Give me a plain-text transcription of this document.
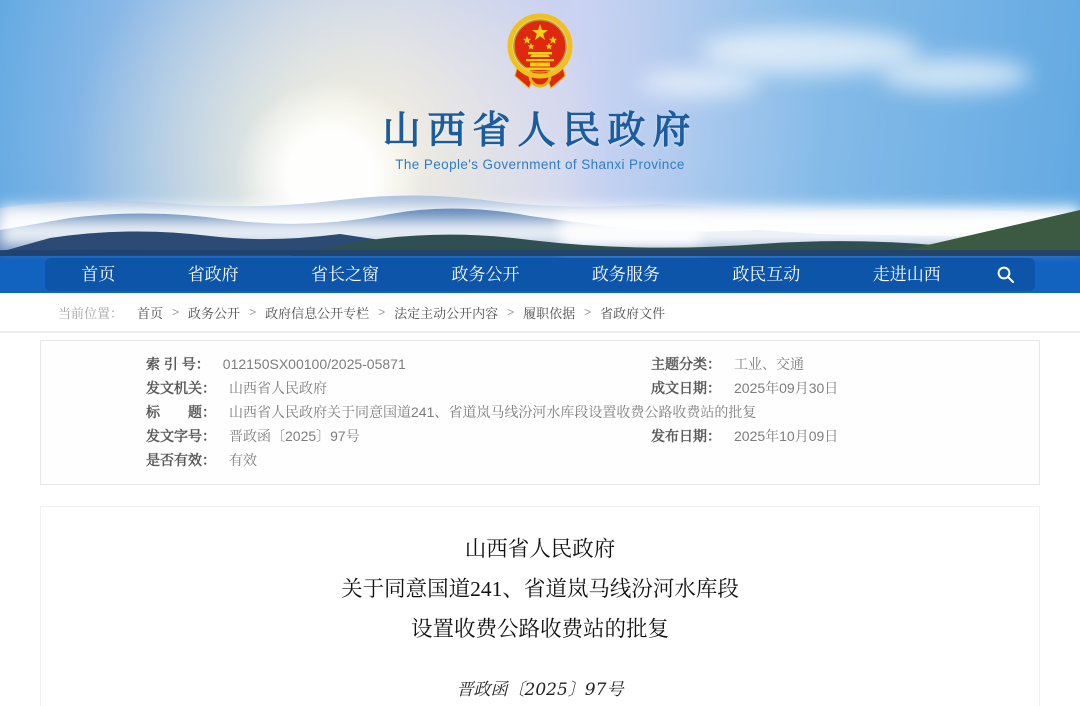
山西省人民政府
The People's Government of Shanxi Province
首页	省政府	省长之窗	政务公开	政务服务	政民互动	走进山西
当前位置： 首页 > 政务公开 > 政府信息公开专栏 > 法定主动公开内容 > 履职依据 > 省政府文件
索 引 号： 012150SX00100/2025-05871	主题分类： 工业、交通
发文机关： 山西省人民政府	成文日期： 2025年09月30日
标　　题： 山西省人民政府关于同意国道241、省道岚马线汾河水库段设置收费公路收费站的批复
发文字号： 晋政函〔2025〕97号	发布日期： 2025年10月09日
是否有效： 有效
山西省人民政府
关于同意国道241、省道岚马线汾河水库段
设置收费公路收费站的批复
晋政函〔2025〕97号
